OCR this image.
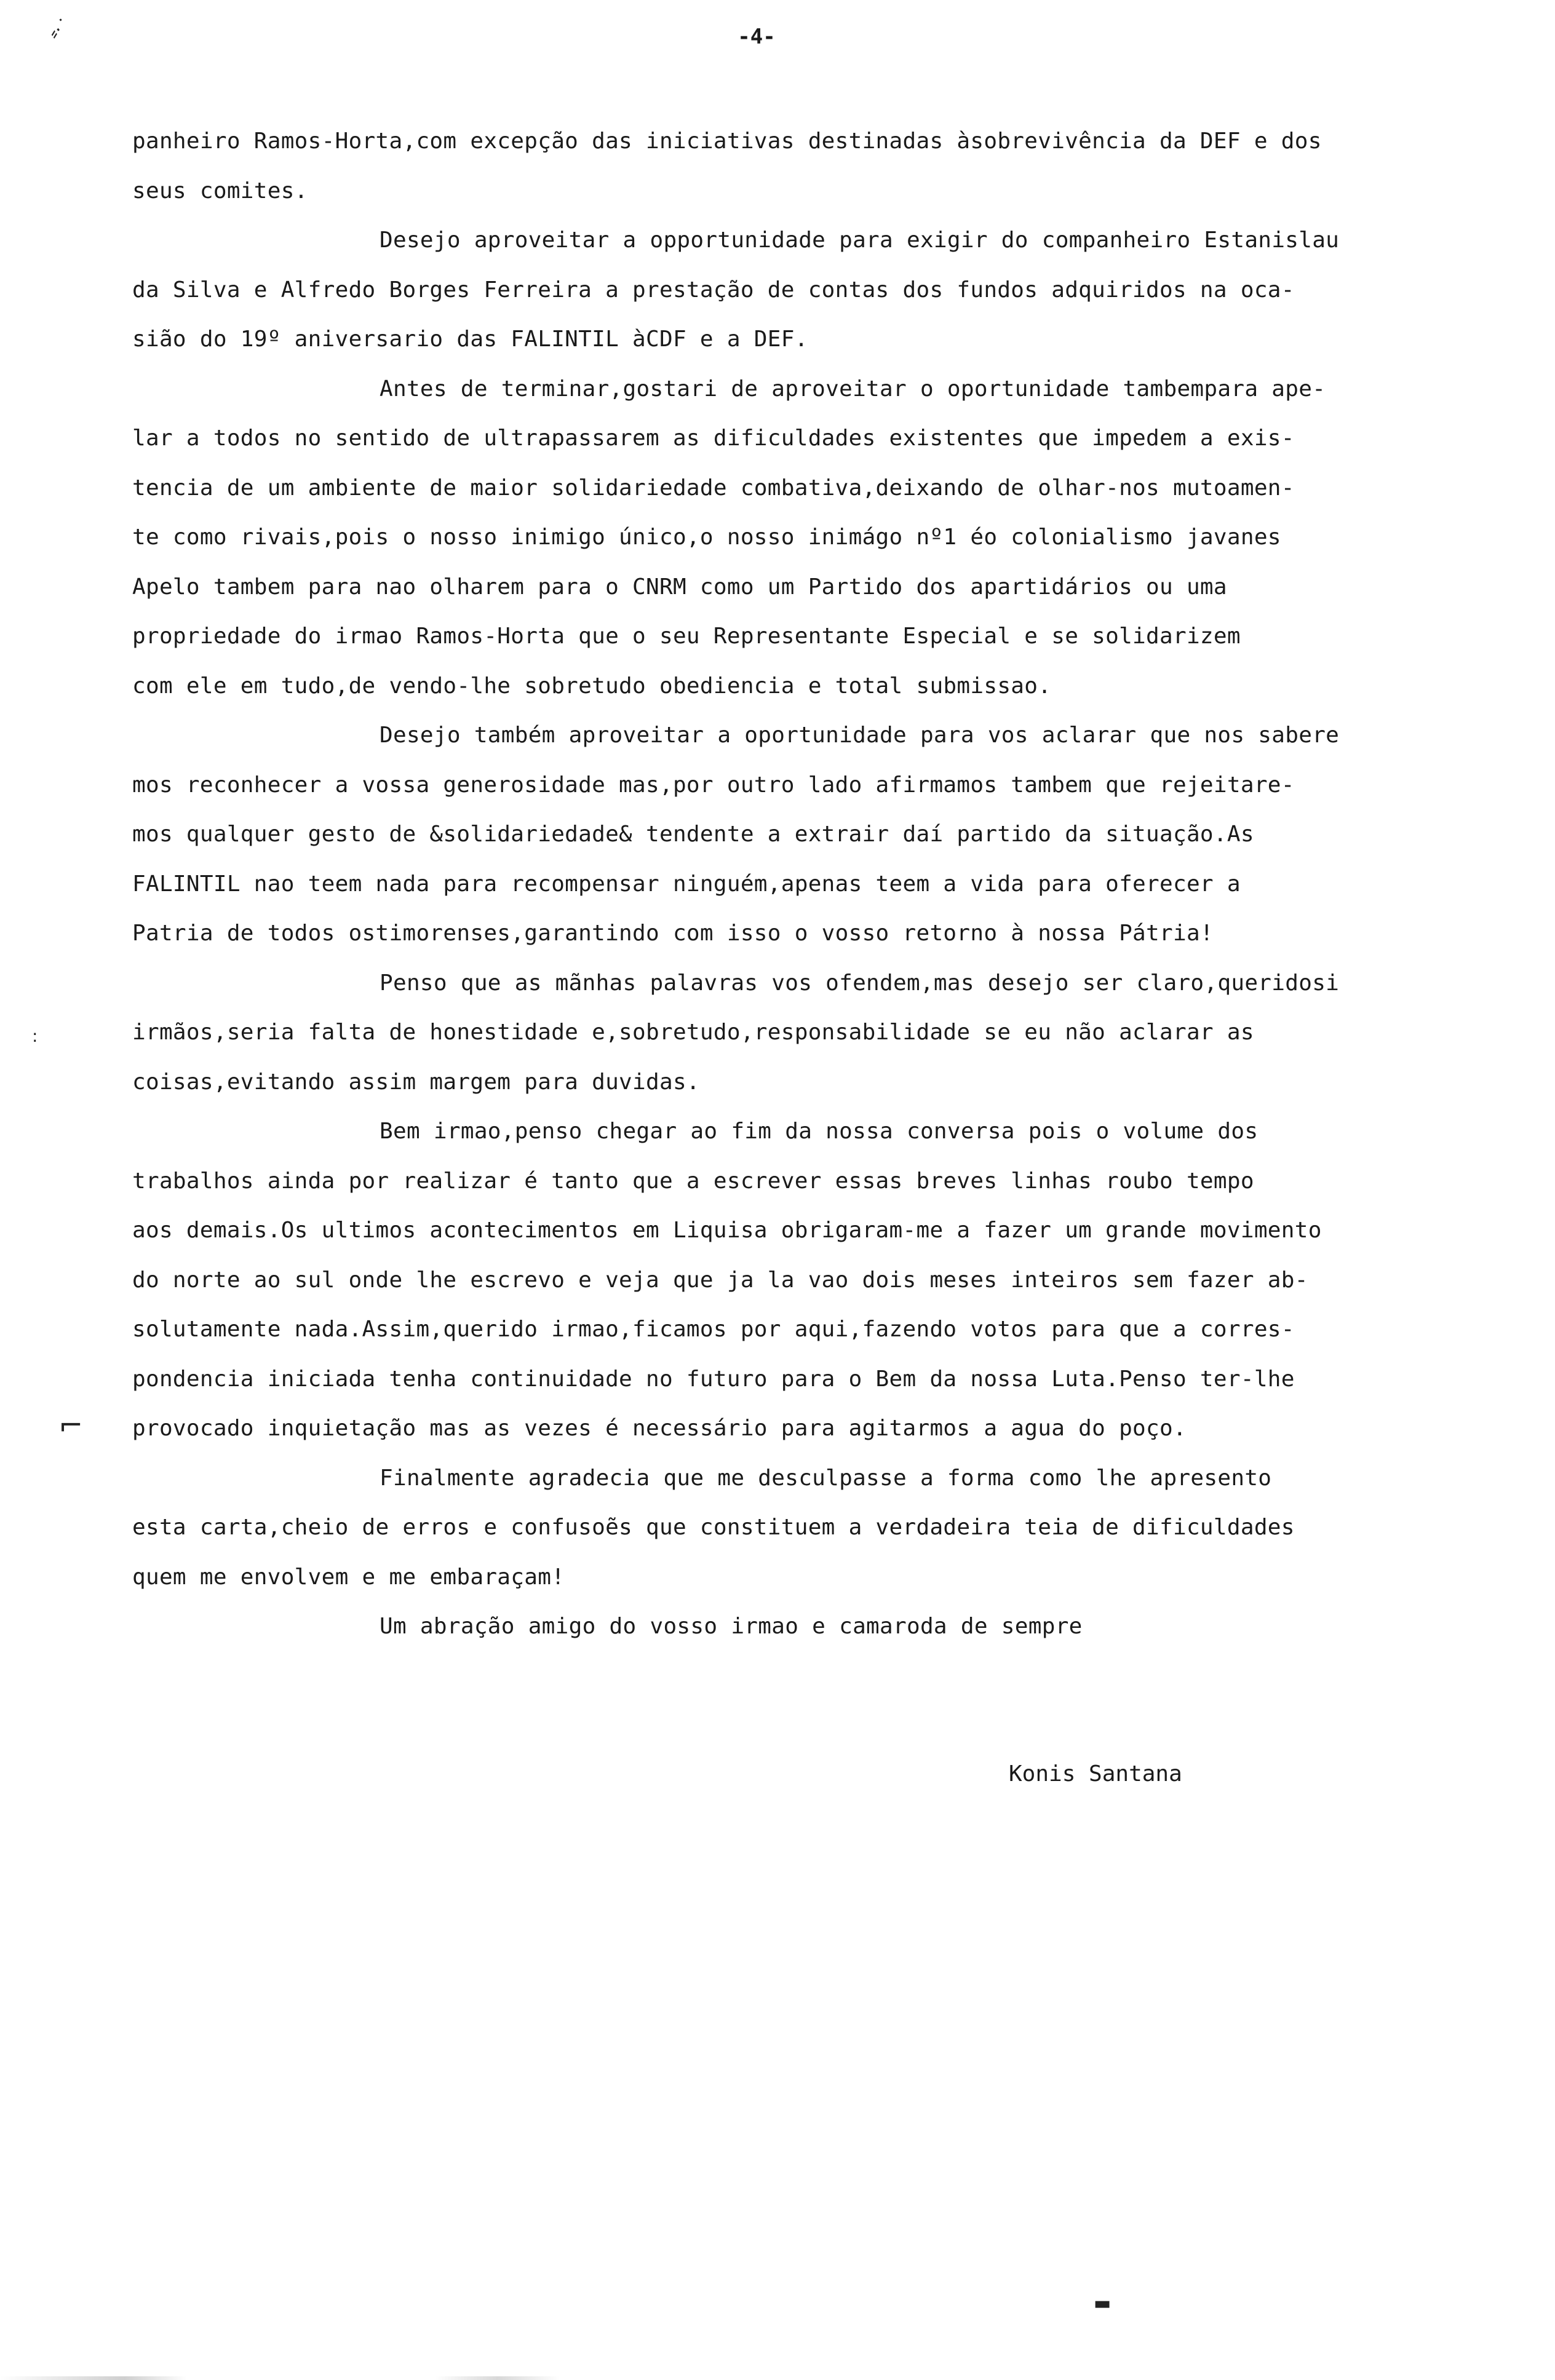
-4-
⸗·˙
:
⌐
▬
panheiro Ramos-Horta,com excepção das iniciativas destinadas àsobrevivência da DEF e dos
seus comites.
Desejo aproveitar a opportunidade para exigir do companheiro Estanislau
da Silva e Alfredo Borges Ferreira a prestação de contas dos fundos adquiridos na oca-
sião do 19º aniversario das FALINTIL àCDF e a DEF.
Antes de terminar,gostari de aproveitar o oportunidade tambempara ape-
lar a todos no sentido de ultrapassarem as dificuldades existentes que impedem a exis-
tencia de um ambiente de maior solidariedade combativa,deixando de olhar-nos mutoamen-
te como rivais,pois o nosso inimigo único,o nosso inimágo nº1 éo colonialismo javanes
Apelo tambem para nao olharem para o CNRM como um Partido dos apartidários ou uma
propriedade do irmao Ramos-Horta que o seu Representante Especial e se solidarizem
com ele em tudo,de vendo-lhe sobretudo obediencia e total submissao.
Desejo também aproveitar a oportunidade para vos aclarar que nos sabere
mos reconhecer a vossa generosidade mas,por outro lado afirmamos tambem que rejeitare-
mos qualquer gesto de &solidariedade& tendente a extrair daí partido da situação.As
FALINTIL nao teem nada para recompensar ninguém,apenas teem a vida para oferecer a
Patria de todos ostimorenses,garantindo com isso o vosso retorno à nossa Pátria!
Penso que as mãnhas palavras vos ofendem,mas desejo ser claro,queridosi
irmãos,seria falta de honestidade e,sobretudo,responsabilidade se eu não aclarar as
coisas,evitando assim margem para duvidas.
Bem irmao,penso chegar ao fim da nossa conversa pois o volume dos
trabalhos ainda por realizar é tanto que a escrever essas breves linhas roubo tempo
aos demais.Os ultimos acontecimentos em Liquisa obrigaram-me a fazer um grande movimento
do norte ao sul onde lhe escrevo e veja que ja la vao dois meses inteiros sem fazer ab-
solutamente nada.Assim,querido irmao,ficamos por aqui,fazendo votos para que a corres-
pondencia iniciada tenha continuidade no futuro para o Bem da nossa Luta.Penso ter-lhe
provocado inquietação mas as vezes é necessário para agitarmos a agua do poço.
Finalmente agradecia que me desculpasse a forma como lhe apresento
esta carta,cheio de erros e confusoẽs que constituem a verdadeira teia de dificuldades
quem me envolvem e me embaraçam!
Um abração amigo do vosso irmao e camaroda de sempre
Konis Santana
